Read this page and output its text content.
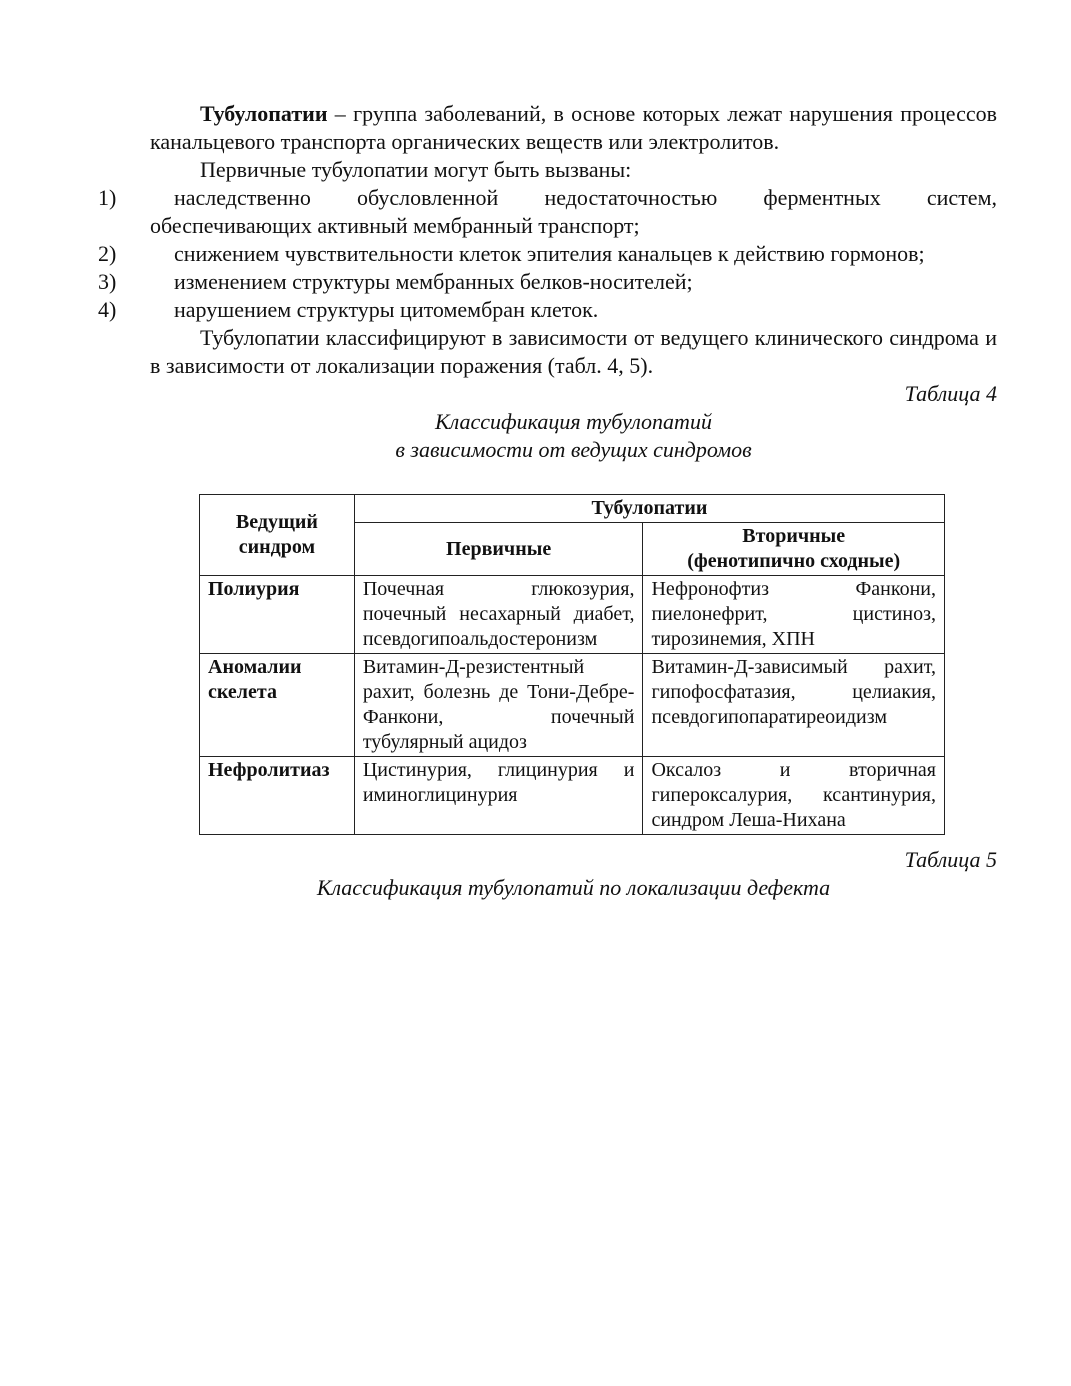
Тубулопатии – группа заболеваний, в основе которых лежат нарушения процессов канальцевого транспорта органических веществ или электролитов.

Первичные тубулопатии могут быть вызваны:

1)	наследственно обусловленной недостаточностью ферментных систем, обеспечивающих активный мембранный транспорт;

2)	снижением чувствительности клеток эпителия канальцев к действию гормонов;

3)	изменением структуры мембранных белков-носителей;

4)	нарушением структуры цитомембран клеток.

Тубулопатии классифицируют в зависимости от ведущего клинического синдрома и в зависимости от локализации поражения (табл. 4, 5).

Таблица 4

Классификация тубулопатий

в зависимости от ведущих синдромов

Ведущий синдром	Тубулопатии	
	Первичные	Вторичные
(фенотипично сходные)
Полиурия	Почечная глюкозурия, почечный несахарный диабет, псевдогипоальдостеронизм	Нефронофтиз Фанкони, пиелонефрит, цистиноз, тирозинемия, ХПН
Аномалии скелета	Витамин-Д-резистентный рахит, болезнь де Тони-Дебре-Фанкони, почечный тубулярный ацидоз	Витамин-Д-зависимый рахит, гипофосфатазия, целиакия, псевдогипопаратиреоидизм
Нефролитиаз	Цистинурия, глицинурия и иминоглицинурия	Оксалоз и вторичная гипероксалурия, ксантинурия, синдром Леша-Нихана

Таблица 5

Классификация тубулопатий по локализации дефекта
